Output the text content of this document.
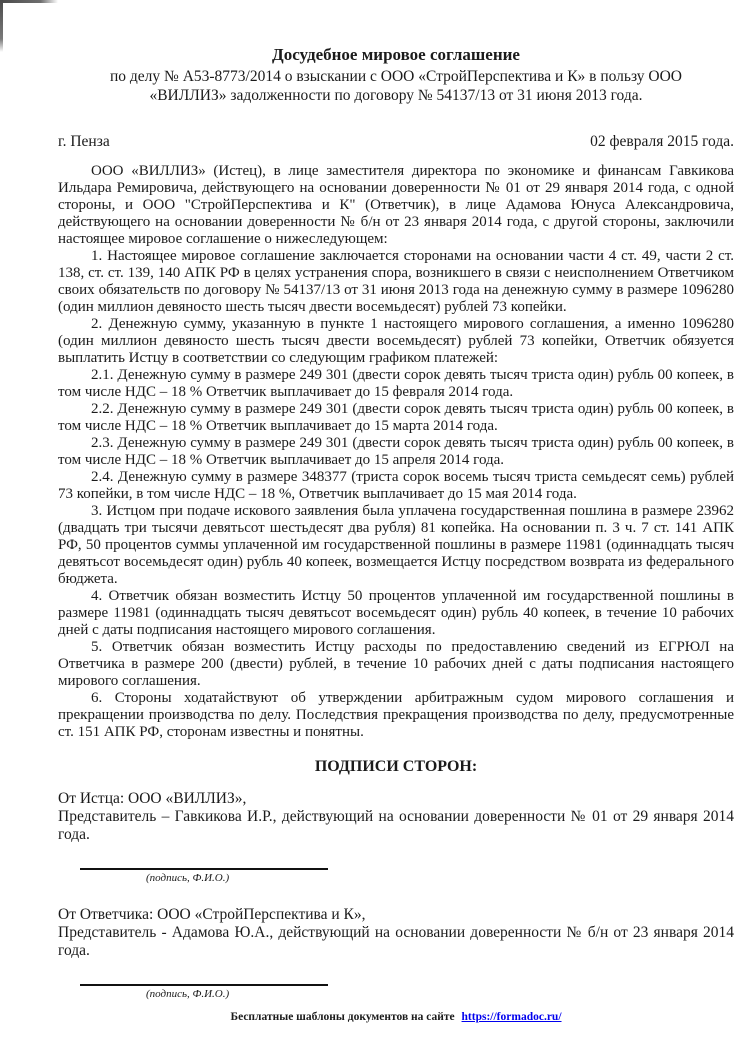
Досудебное мировое соглашение
по делу № А53-8773/2014 о взыскании с ООО «СтройПерспектива и К» в пользу ООО «ВИЛЛИЗ» задолженности по договору № 54137/13 от 31 июня 2013 года.
г. Пенза	02 февраля 2015 года.

ООО «ВИЛЛИЗ» (Истец), в лице заместителя директора по экономике и финансам Гавкикова Ильдара Ремировича, действующего на основании доверенности № 01 от 29 января 2014 года, с одной стороны, и ООО "СтройПерспектива и К" (Ответчик), в лице Адамова Юнуса Александровича, действующего на основании доверенности № б/н от 23 января 2014 года, с другой стороны, заключили настоящее мировое соглашение о нижеследующем:

1. Настоящее мировое соглашение заключается сторонами на основании части 4 ст. 49, части 2 ст. 138, ст. ст. 139, 140 АПК РФ в целях устранения спора, возникшего в связи с неисполнением Ответчиком своих обязательств по договору № 54137/13 от 31 июня 2013 года на денежную сумму в размере 1096280 (один миллион девяносто шесть тысяч двести восемьдесят) рублей 73 копейки.

2. Денежную сумму, указанную в пункте 1 настоящего мирового соглашения, а именно 1096280 (один миллион девяносто шесть тысяч двести восемьдесят) рублей 73 копейки, Ответчик обязуется выплатить Истцу в соответствии со следующим графиком платежей:

2.1. Денежную сумму в размере 249 301 (двести сорок девять тысяч триста один) рубль 00 копеек, в том числе НДС – 18 % Ответчик выплачивает до 15 февраля 2014 года.

2.2. Денежную сумму в размере 249 301 (двести сорок девять тысяч триста один) рубль 00 копеек, в том числе НДС – 18 % Ответчик выплачивает до 15 марта 2014 года.

2.3. Денежную сумму в размере 249 301 (двести сорок девять тысяч триста один) рубль 00 копеек, в том числе НДС – 18 % Ответчик выплачивает до 15 апреля 2014 года.

2.4. Денежную сумму в размере 348377 (триста сорок восемь тысяч триста семьдесят семь) рублей 73 копейки, в том числе НДС – 18 %, Ответчик выплачивает до 15 мая 2014 года.

3. Истцом при подаче искового заявления была уплачена государственная пошлина в размере 23962 (двадцать три тысячи девятьсот шестьдесят два рубля) 81 копейка. На основании п. 3 ч. 7 ст. 141 АПК РФ, 50 процентов суммы уплаченной им государственной пошлины в размере 11981 (одиннадцать тысяч девятьсот восемьдесят один) рубль 40 копеек, возмещается Истцу посредством возврата из федерального бюджета.

4. Ответчик обязан возместить Истцу 50 процентов уплаченной им государственной пошлины в размере 11981 (одиннадцать тысяч девятьсот восемьдесят один) рубль 40 копеек, в течение 10 рабочих дней с даты подписания настоящего мирового соглашения.

5. Ответчик обязан возместить Истцу расходы по предоставлению сведений из ЕГРЮЛ на Ответчика в размере 200 (двести) рублей, в течение 10 рабочих дней с даты подписания настоящего мирового соглашения.

6. Стороны ходатайствуют об утверждении арбитражным судом мирового соглашения и прекращении производства по делу. Последствия прекращения производства по делу, предусмотренные ст. 151 АПК РФ, сторонам известны и понятны.

ПОДПИСИ СТОРОН:

От Истца: ООО «ВИЛЛИЗ»,

Представитель – Гавкикова И.Р., действующий на основании доверенности № 01 от 29 января 2014 года.

(подпись, Ф.И.О.)

От Ответчика: ООО «СтройПерспектива и К»,

Представитель - Адамова Ю.А., действующий на основании доверенности № б/н от 23 января 2014 года.

(подпись, Ф.И.О.)
Бесплатные шаблоны документов на сайте https://formadoc.ru/
